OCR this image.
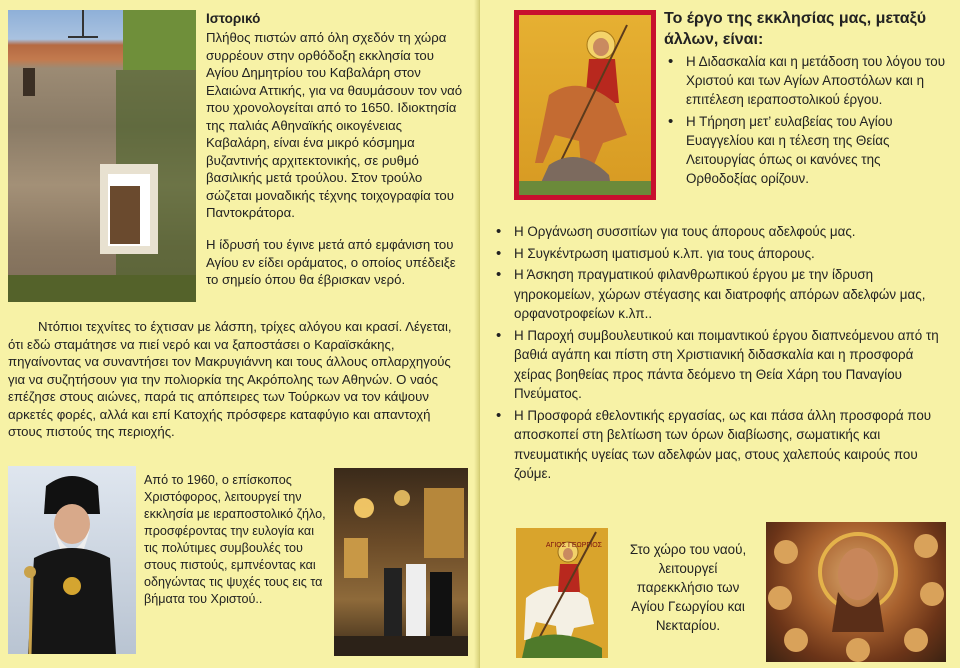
Ιστορικό
Πλήθος πιστών από όλη σχεδόν τη χώρα συρρέουν στην ορθόδοξη εκκλησία του Αγίου Δημητρίου του Καβαλάρη στον Ελαιώνα Αττικής, για να θαυμάσουν τον ναό που χρονολογείται από το 1650. Ιδιοκτησία της παλιάς Αθηναϊκής οικογένειας Καβαλάρη, είναι ένα μικρό κόσμημα βυζαντινής αρχιτεκτονικής, σε ρυθμό βασιλικής μετά τρούλου. Στον τρούλο σώζεται μοναδικής τέχνης τοιχογραφία του Παντοκράτορα.
Η ίδρυσή του έγινε μετά από εμφάνιση του Αγίου εν είδει οράματος, ο οποίος υπέδειξε το σημείο όπου θα έβρισκαν νερό.
Ντόπιοι τεχνίτες το έχτισαν με λάσπη, τρίχες αλόγου και κρασί. Λέγεται, ότι εδώ σταμάτησε να πιεί νερό και να ξαποστάσει ο Καραϊσκάκης, πηγαίνοντας να συναντήσει τον Μακρυγιάννη και τους άλλους οπλαρχηγούς για να συζητήσουν για την πολιορκία της Ακρόπολης των Αθηνών. Ο ναός επέζησε στους αιώνες, παρά τις απόπειρες των Τούρκων να τον κάψουν αρκετές φορές, αλλά και επί Κατοχής πρόσφερε καταφύγιο και απαντοχή στους πιστούς της περιοχής.
Από το 1960, ο επίσκοπος Χριστόφορος, λειτουργεί την εκκλησία με ιεραποστολικό ζήλο, προσφέροντας την ευλογία και τις πολύτιμες συμβουλές του στους πιστούς, εμπνέοντας και οδηγώντας τις ψυχές τους εις τα βήματα του Χριστού..
Το έργο της εκκλησίας μας, μεταξύ άλλων, είναι:
• Η Διδασκαλία και η μετάδοση του λόγου του Χριστού και των Αγίων Αποστόλων και η επιτέλεση ιεραποστολικού έργου.
• Η Τήρηση μετ’ ευλαβείας του Αγίου Ευαγγελίου και η τέλεση της Θείας Λειτουργίας όπως οι κανόνες της Ορθοδοξίας ορίζουν.
• Η Οργάνωση συσσιτίων για τους άπορους αδελφούς μας.
• Η Συγκέντρωση ιματισμού κ.λπ. για τους άπορους.
• Η Άσκηση πραγματικού φιλανθρωπικού έργου με την ίδρυση γηροκομείων, χώρων στέγασης και διατροφής απόρων αδελφών μας, ορφανοτροφείων κ.λπ..
• Η Παροχή συμβουλευτικού και ποιμαντικού έργου διαπνεόμενου από τη βαθιά αγάπη και πίστη στη Χριστιανική διδασκαλία και η προσφορά χείρας βοηθείας προς πάντα δεόμενο τη Θεία Χάρη του Παναγίου Πνεύματος.
• Η Προσφορά εθελοντικής εργασίας, ως και πάσα άλλη προσφορά που αποσκοπεί στη βελτίωση των όρων διαβίωσης, σωματικής και πνευματικής υγείας των αδελφών μας, στους χαλεπούς καιρούς που ζούμε.
ΑΓΙΟΣ ΓΕΩΡΓΙΟΣ	Στο χώρο του ναού, λειτουργεί παρεκκλήσιο των Αγίου Γεωργίου και Νεκταρίου.
